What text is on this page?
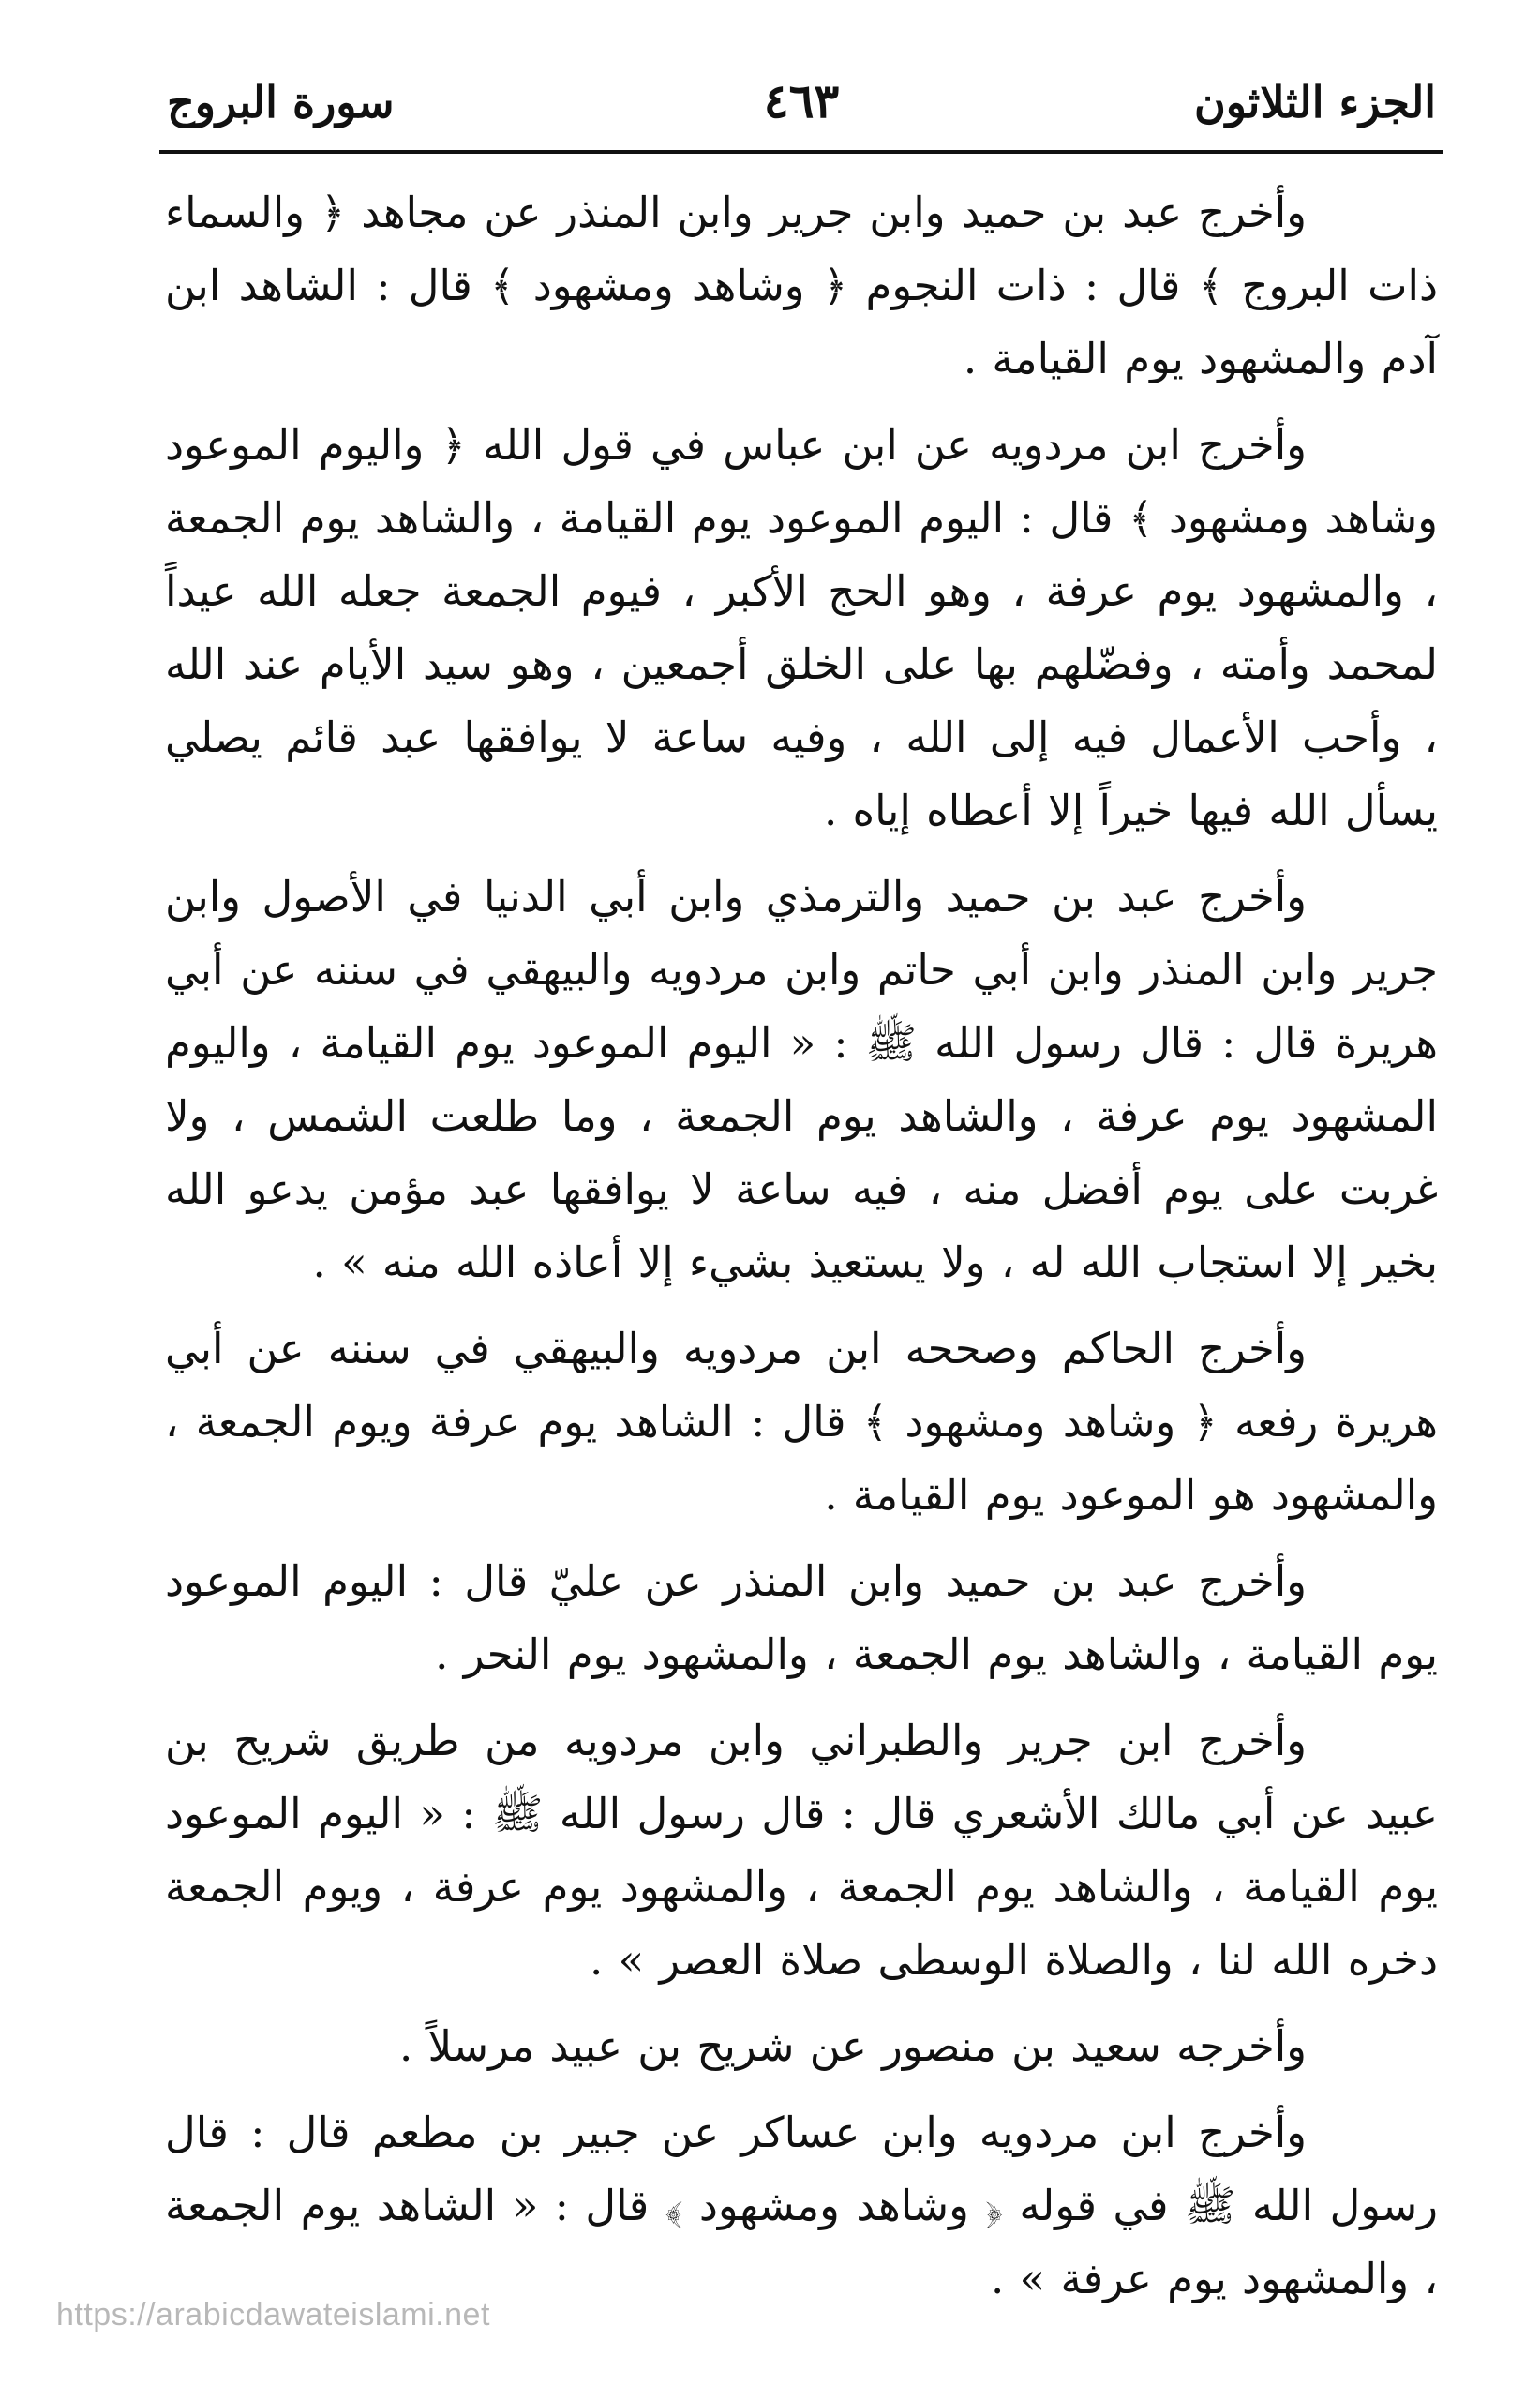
الجزء الثلاثون
٤٦٣
سورة البروج

وأخرج عبد بن حميد وابن جرير وابن المنذر عن مجاهد ﴿ والسماء ذات البروج ﴾ قال : ذات النجوم ﴿ وشاهد ومشهود ﴾ قال : الشاهد ابن آدم والمشهود يوم القيامة .

وأخرج ابن مردويه عن ابن عباس في قول الله ﴿ واليوم الموعود وشاهد ومشهود ﴾ قال : اليوم الموعود يوم القيامة ، والشاهد يوم الجمعة ، والمشهود يوم عرفة ، وهو الحج الأكبر ، فيوم الجمعة جعله الله عيداً لمحمد وأمته ، وفضّلهم بها على الخلق أجمعين ، وهو سيد الأيام عند الله ، وأحب الأعمال فيه إلى الله ، وفيه ساعة لا يوافقها عبد قائم يصلي يسأل الله فيها خيراً إلا أعطاه إياه .

وأخرج عبد بن حميد والترمذي وابن أبي الدنيا في الأصول وابن جرير وابن المنذر وابن أبي حاتم وابن مردويه والبيهقي في سننه عن أبي هريرة قال : قال رسول الله ﷺ : « اليوم الموعود يوم القيامة ، واليوم المشهود يوم عرفة ، والشاهد يوم الجمعة ، وما طلعت الشمس ، ولا غربت على يوم أفضل منه ، فيه ساعة لا يوافقها عبد مؤمن يدعو الله بخير إلا استجاب الله له ، ولا يستعيذ بشيء إلا أعاذه الله منه » .

وأخرج الحاكم وصححه ابن مردويه والبيهقي في سننه عن أبي هريرة رفعه ﴿ وشاهد ومشهود ﴾ قال : الشاهد يوم عرفة ويوم الجمعة ، والمشهود هو الموعود يوم القيامة .

وأخرج عبد بن حميد وابن المنذر عن عليّ قال : اليوم الموعود يوم القيامة ، والشاهد يوم الجمعة ، والمشهود يوم النحر .

وأخرج ابن جرير والطبراني وابن مردويه من طريق شريح بن عبيد عن أبي مالك الأشعري قال : قال رسول الله ﷺ : « اليوم الموعود يوم القيامة ، والشاهد يوم الجمعة ، والمشهود يوم عرفة ، ويوم الجمعة دخره الله لنا ، والصلاة الوسطى صلاة العصر » .

وأخرجه سعيد بن منصور عن شريح بن عبيد مرسلاً .

وأخرج ابن مردويه وابن عساكر عن جبير بن مطعم قال : قال رسول الله ﷺ في قوله ﴿ وشاهد ومشهود ﴾ قال : « الشاهد يوم الجمعة ، والمشهود يوم عرفة » .

https://arabicdawateislami.net
